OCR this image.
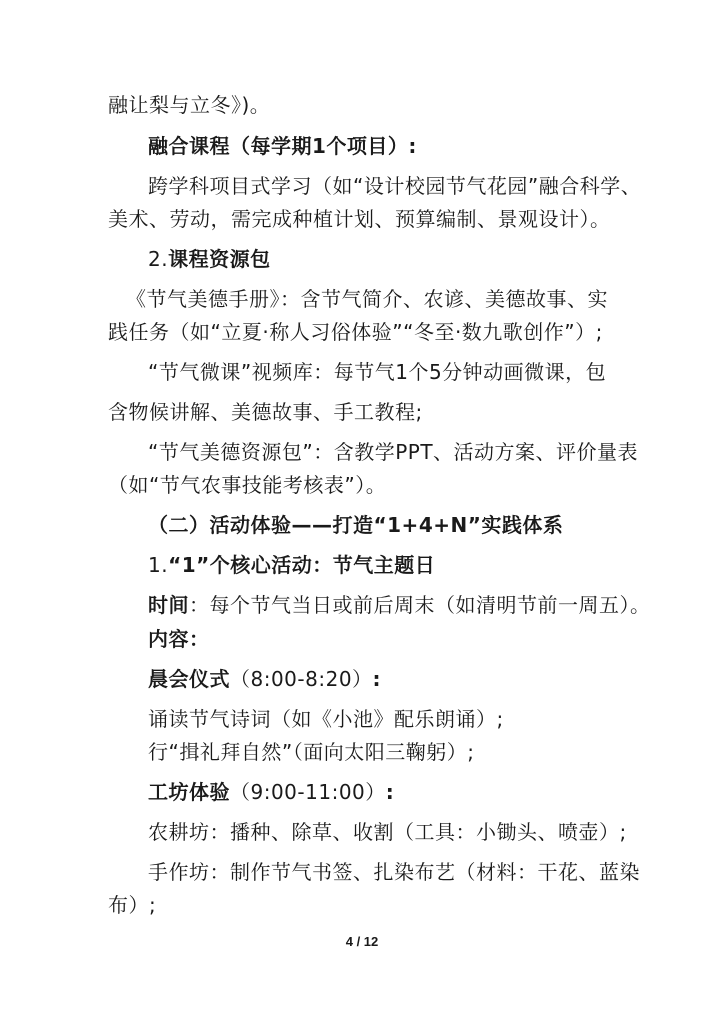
融让梨与立冬》)。
融合课程（每学期1个项目）:
跨学科项目式学习（如“设计校园节气花园”融合科学、
美术、劳动，需完成种植计划、预算编制、景观设计）。
2.课程资源包
《节气美德手册》：含节气简介、农谚、美德故事、实
践任务（如“立夏·称人习俗体验”“冬至·数九歌创作”）;
“节气微课”视频库：每节气1个5分钟动画微课，包
含物候讲解、美德故事、手工教程;
“节气美德资源包”：含教学PPT、活动方案、评价量表
（如“节气农事技能考核表”）。
（二）活动体验——打造“1+4+N”实践体系
1.“1”个核心活动：节气主题日
时间：每个节气当日或前后周末（如清明节前一周五）。
内容：
晨会仪式（8:00-8:20）:
诵读节气诗词（如《小池》配乐朗诵）;
行“揖礼拜自然”（面向太阳三鞠躬）;
工坊体验（9:00-11:00）:
农耕坊：播种、除草、收割（工具：小锄头、喷壶）;
手作坊：制作节气书签、扎染布艺（材料：干花、蓝染
布）;
4 / 12
